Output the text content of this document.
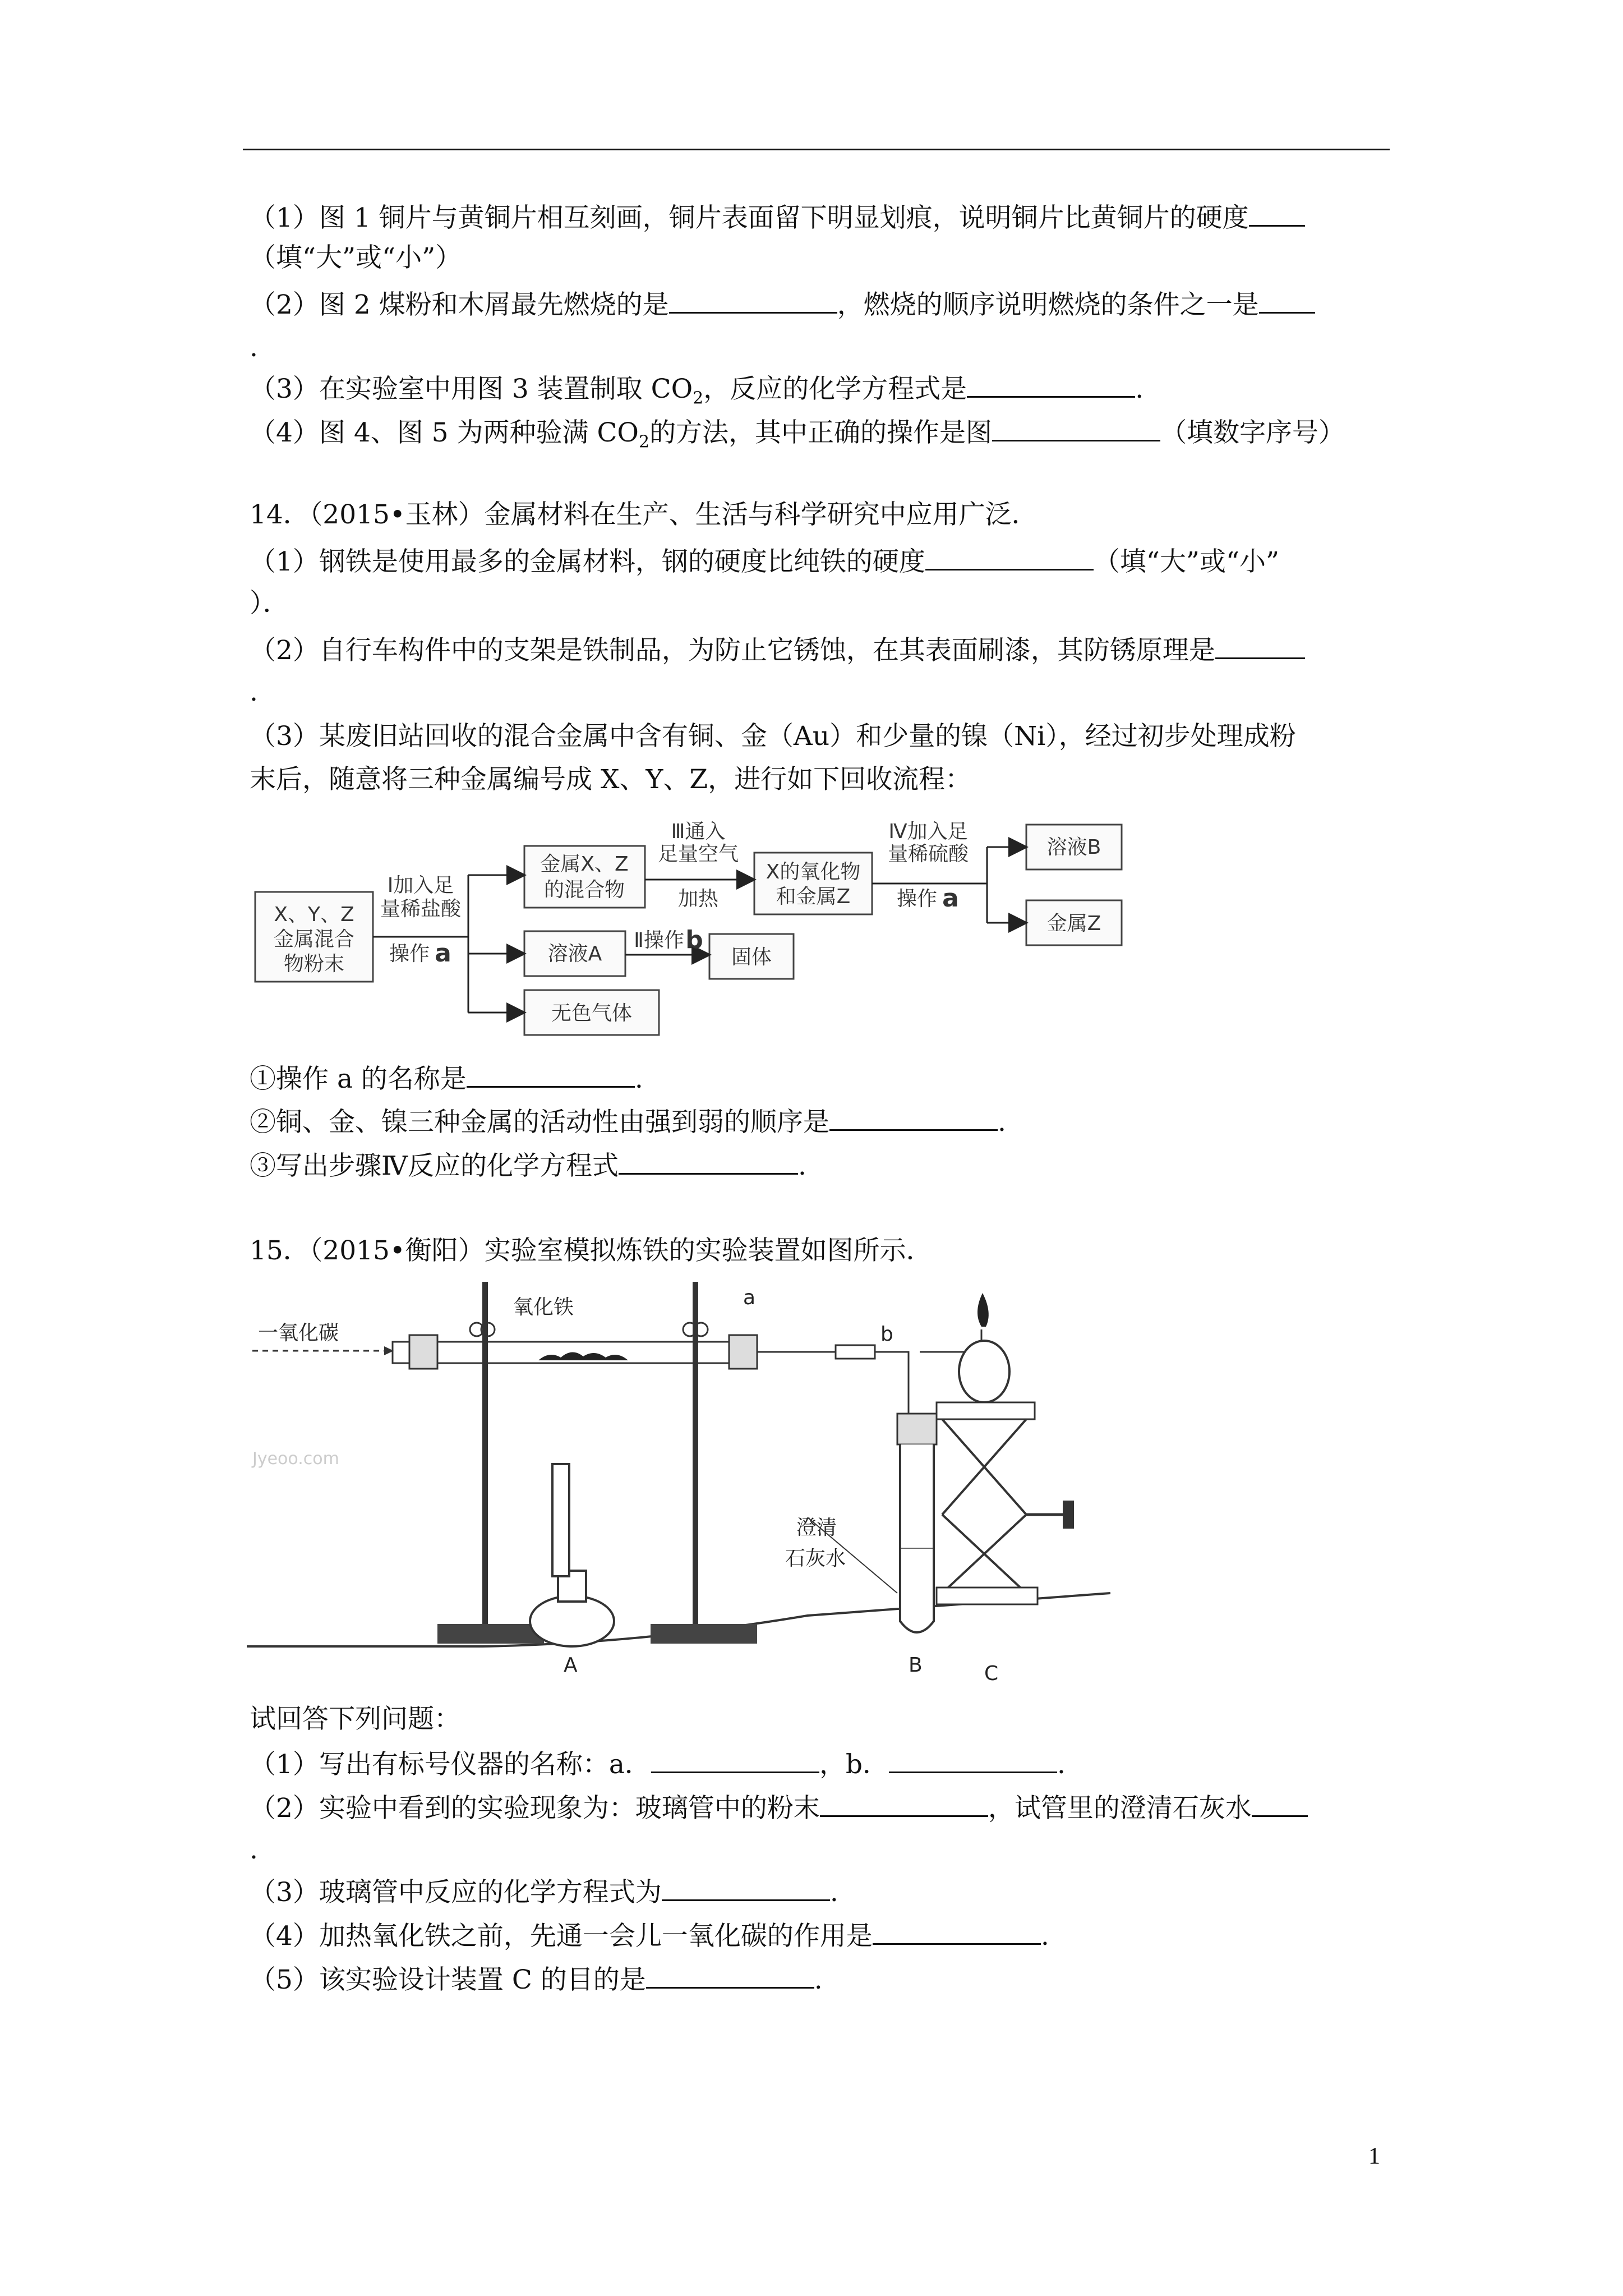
（1）图 1 铜片与黄铜片相互刻画，铜片表面留下明显划痕，说明铜片比黄铜片的硬度
（填“大”或“小”）
（2）图 2 煤粉和木屑最先燃烧的是	，燃烧的顺序说明燃烧的条件之一是
.
（3）在实验室中用图 3 装置制取 $CO_2$，反应的化学方程式是	.
（4）图 4、图 5 为两种验满 $CO_2$的方法，其中正确的操作是图	（填数字序号）
14．（2015•玉林）金属材料在生产、生活与科学研究中应用广泛．
（1）钢铁是使用最多的金属材料，钢的硬度比纯铁的硬度	（填“大”或“小”
）．
（2）自行车构件中的支架是铁制品，为防止它锈蚀，在其表面刷漆，其防锈原理是
.
（3）某废旧站回收的混合金属中含有铜、金（Au）和少量的镍（Ni），经过初步处理成粉
末后，随意将三种金属编号成 X、Y、Z，进行如下回收流程：
X、Y、Z
金属混合
物粉末
Ⅰ加入足
量稀盐酸
操作 a
金属X、Z
的混合物
Ⅲ通入
足量空气
加热
X的氧化物
和金属Z
Ⅳ加入足
量稀硫酸
操作 a
溶液B
金属Z
溶液A
Ⅱ操作 b
固体
无色气体
①操作 a 的名称是	.
②铜、金、镍三种金属的活动性由强到弱的顺序是	.
③写出步骤Ⅳ反应的化学方程式	.
15．（2015•衡阳）实验室模拟炼铁的实验装置如图所示．
一氧化碳
氧化铁	a
b
澄清
石灰水
A	B	C
Jyeoo.com
试回答下列问题：
（1）写出有标号仪器的名称：a．	，b．	.
（2）实验中看到的实验现象为：玻璃管中的粉末	，试管里的澄清石灰水
.
（3）玻璃管中反应的化学方程式为	.
（4）加热氧化铁之前，先通一会儿一氧化碳的作用是	.
（5）该实验设计装置 C 的目的是	.
1
